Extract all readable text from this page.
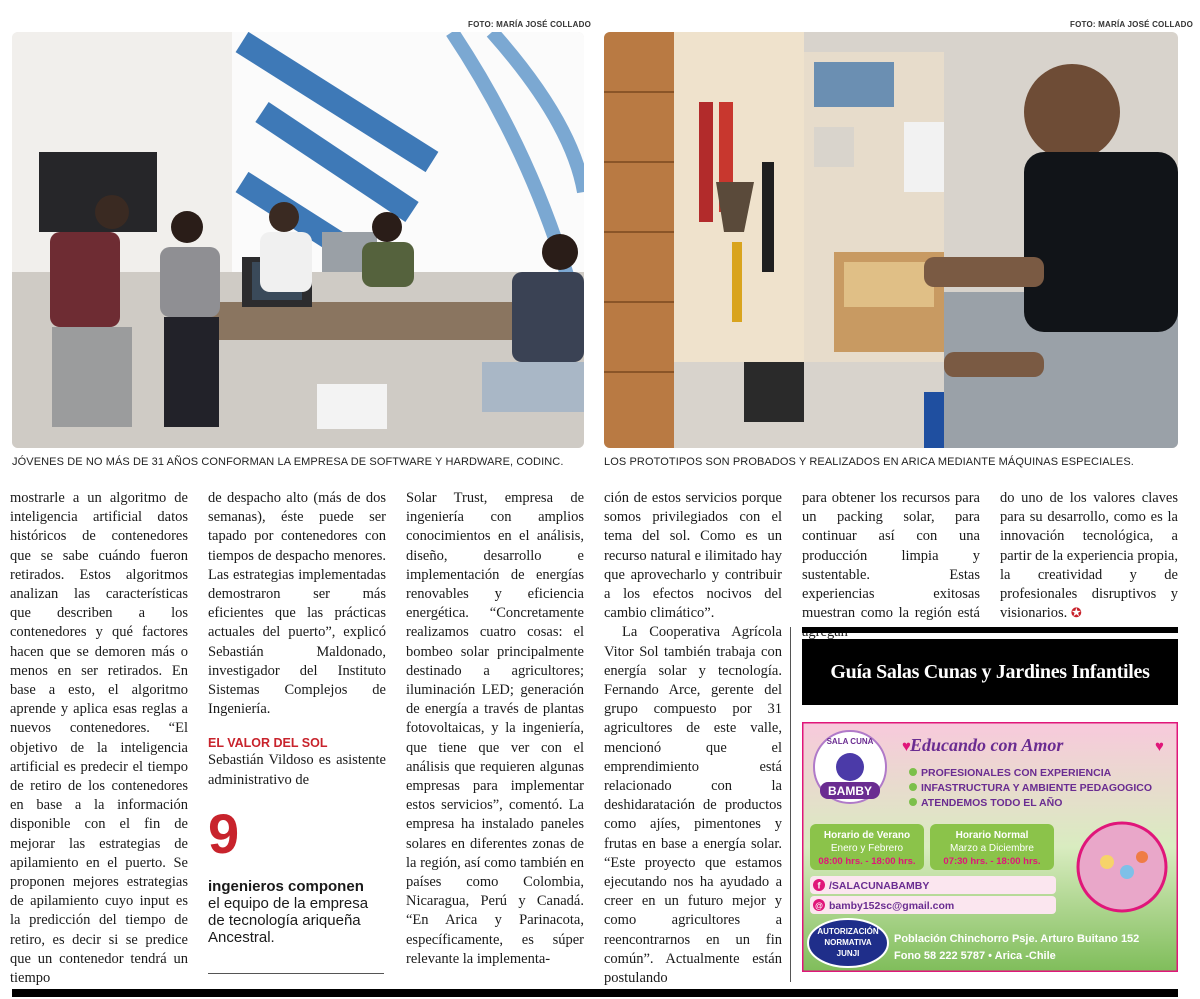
FOTO: MARÍA JOSÉ COLLADO
JÓVENES DE NO MÁS DE 31 AÑOS CONFORMAN LA EMPRESA DE SOFTWARE Y HARDWARE, CODINC.
FOTO: MARÍA JOSÉ COLLADO
LOS PROTOTIPOS SON PROBADOS Y REALIZADOS EN ARICA MEDIANTE MÁQUINAS ESPECIALES.

mostrarle a un algoritmo de inteligencia artificial datos históricos de contenedores que se sabe cuándo fueron retirados. Estos algoritmos analizan las características que describen a los contenedores y qué factores hacen que se demoren más o menos en ser retirados. En base a esto, el algoritmo aprende y aplica esas reglas a nuevos contenedores. “El objetivo de la inteligencia artificial es predecir el tiempo de retiro de los contenedores en base a la información disponible con el fin de mejorar las estrategias de apilamiento en el puerto. Se proponen mejores estrategias de apilamiento cuyo input es la predicción del tiempo de retiro, es decir si se predice que un contenedor tendrá un tiempo

de despacho alto (más de dos semanas), éste puede ser tapado por contenedores con tiempos de despacho menores. Las estrategias implementadas demostraron ser más eficientes que las prácticas actuales del puerto”, explicó Sebastián Maldonado, investigador del Instituto Sistemas Complejos de Ingeniería.

EL VALOR DEL SOL

Sebastián Vildoso es asistente administrativo de

9
ingenieros componen
el equipo de la empresa de tecnología ariqueña Ancestral.

Solar Trust, empresa de ingeniería con amplios conocimientos en el análisis, diseño, desarrollo e implementación de energías renovables y eficiencia energética. “Concretamente realizamos cuatro cosas: el bombeo solar principalmente destinado a agricultores; iluminación LED; generación de energía a través de plantas fotovoltaicas, y la ingeniería, que tiene que ver con el análisis que requieren algunas empresas para implementar estos servicios”, comentó. La empresa ha instalado paneles solares en diferentes zonas de la región, así como también en países como Colombia, Nicaragua, Perú y Canadá. “En Arica y Parinacota, específicamente, es súper relevante la implementa-

ción de estos servicios porque somos privilegiados con el tema del sol. Como es un recurso natural e ilimitado hay que aprovecharlo y contribuir a los efectos nocivos del cambio climático”.

La Cooperativa Agrícola Vitor Sol también trabaja con energía solar y tecnología. Fernando Arce, gerente del grupo compuesto por 31 agricultores de este valle, mencionó que el emprendimiento está relacionado con la deshidaratación de productos como ajíes, pimentones y frutas en base a energía solar. “Este proyecto que estamos ejecutando nos ha ayudado a creer en un futuro mejor y como agricultores a reencontrarnos en un fin común”. Actualmente están postulando

para obtener los recursos para un packing solar, para continuar así con una producción limpia y sustentable. Estas experiencias exitosas muestran como la región está

do uno de los valores claves para su desarrollo, como es la innovación tecnológica, a partir de la experiencia propia, la creatividad y de profesionales disruptivos y visionarios. ✪

Guía Salas Cunas y Jardines Infantiles
SALA CUNA
BAMBY
Educando con Amor
♥	♥
PROFESIONALES CON EXPERIENCIA
INFASTRUCTURA Y AMBIENTE PEDAGOGICO
ATENDEMOS TODO EL AÑO
Horario de Verano
Enero y Febrero
08:00 hrs. - 18:00 hrs.
Horario Normal
Marzo a Diciembre
07:30 hrs. - 18:00 hrs.
f /SALACUNABAMBY
@ bamby152sc@gmail.com
AUTORIZACIÓN
NORMATIVA
JUNJI
Población Chinchorro Psje. Arturo Buitano 152
Fono 58 222 5787 • Arica -Chile
